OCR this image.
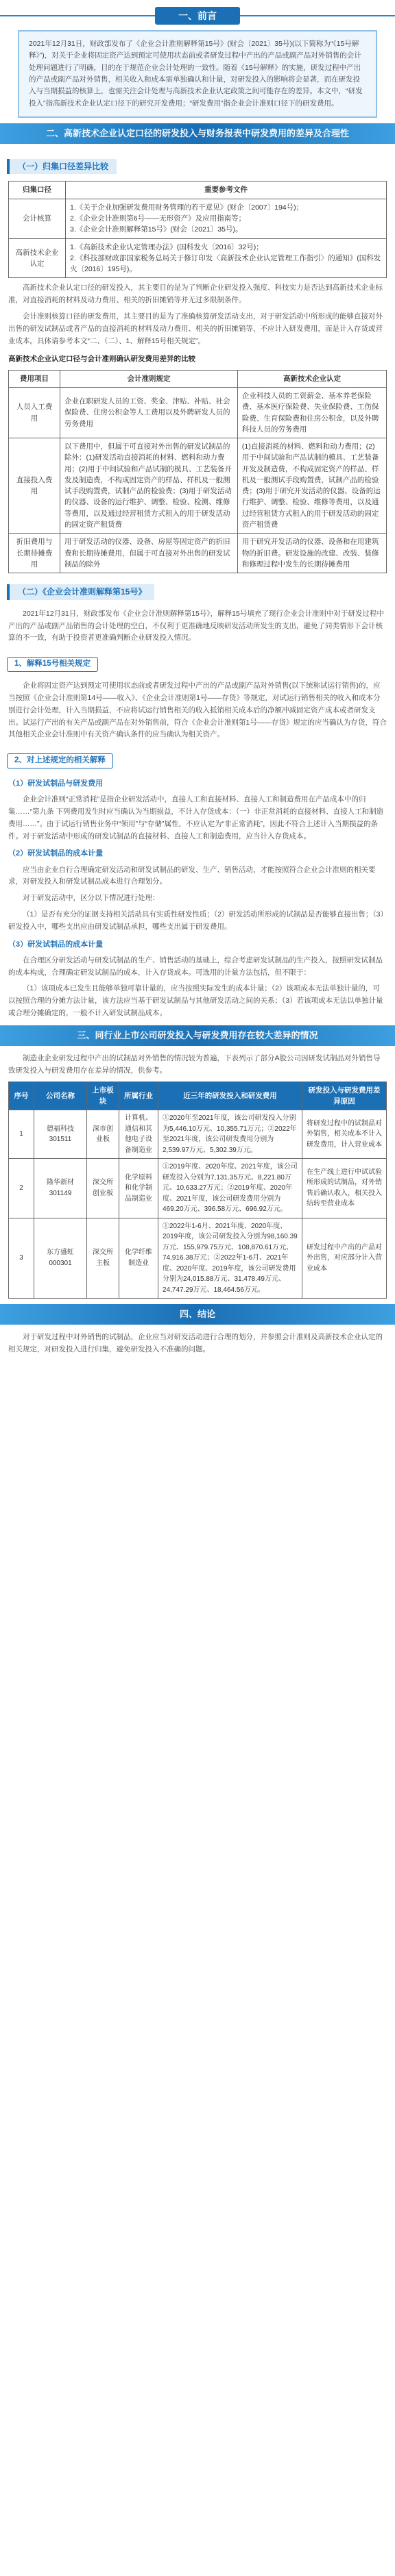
一、前言
2021年12月31日，财政部发布了《企业会计准则解释第15号》(财会〔2021〕35号)(以下简称为“《15号解释》”)，对关于企业将固定资产达到预定可使用状态前或者研发过程中产出的产品或副产品对外销售的会计处理问题进行了明确，目的在于规范企业会计处理的一致性。随着《15号解释》的实施，研发过程中产出的产品或副产品对外销售，相关收入和成本需单独确认和计量，对研发投入的影响将会显著，而在研发投入与当期损益的核算上，也需关注会计处理与高新技术企业认定政策之间可能存在的差异。本文中，“研发投入”指高新技术企业认定口径下的研究开发费用；“研发费用”指企业会计准则口径下的研发费用。
二、高新技术企业认定口径的研发投入与财务报表中研发费用的差异及合理性
（一）归集口径差异比较
归集口径	重要参考文件
会计核算	1.《关于企业加强研发费用财务管理的若干意见》(财企〔2007〕194号)；
2.《企业会计准则第6号——无形资产》及应用指南等；
3.《企业会计准则解释第15号》(财会〔2021〕35号)。

高新技术企业认定	1.《高新技术企业认定管理办法》(国科发火〔2016〕32号)；
2.《科技部财政部国家税务总局关于修订印发〈高新技术企业认定管理工作指引〉的通知》(国科发火〔2016〕195号)。
高新技术企业认定口径的研发投入，其主要目的是为了判断企业研发投入强度、科技实力是否达到高新技术企业标准，对直接消耗的材料及动力费用、相关的折旧摊销等并无过多限制条件。
会计准则核算口径的研发费用，其主要目的是为了准确核算研发活动支出，对于研发活动中所形成的能够直接对外出售的研发试制品或者产品的直接消耗的材料及动力费用、相关的折旧摊销等，不应计入研发费用，而是计入存货或营业成本。具体请参考本文“二、（二）、1、解释15号相关规定”。
高新技术企业认定口径与会计准则确认研发费用差异的比较
费用项目	会计准则规定	高新技术企业认定
人员人工费用	企业在职研发人员的工资、奖金、津贴、补贴、社会保险费、住房公积金等人工费用以及外聘研发人员的劳务费用	企业科技人员的工资薪金、基本养老保险费、基本医疗保险费、失业保险费、工伤保险费、生育保险费和住房公积金，以及外聘科技人员的劳务费用
直接投入费用	以下费用中，但属于可直接对外出售的研发试制品的除外：(1)研发活动直接消耗的材料、燃料和动力费用；(2)用于中间试验和产品试制的模具、工艺装备开发及制造费，不构成固定资产的样品、样机及一般测试手段购置费，试制产品的检验费；(3)用于研发活动的仪器、设备的运行维护、调整、检验、检测、维修等费用，以及通过经营租赁方式租入的用于研发活动的固定资产租赁费	(1)直接消耗的材料、燃料和动力费用；(2)用于中间试验和产品试制的模具、工艺装备开发及制造费，不构成固定资产的样品、样机及一般测试手段购置费，试制产品的检验费；(3)用于研究开发活动的仪器、设备的运行维护、调整、检验、维修等费用，以及通过经营租赁方式租入的用于研发活动的固定资产租赁费
折旧费用与长期待摊费用	用于研发活动的仪器、设备、房屋等固定资产的折旧费和长期待摊费用，但属于可直接对外出售的研发试制品的除外	用于研究开发活动的仪器、设备和在用建筑物的折旧费。研发设施的改建、改装、装修和修理过程中发生的长期待摊费用
（二）《企业会计准则解释第15号》
2021年12月31日，财政部发布《企业会计准则解释第15号》，解释15号填充了现行企业会计准则中对于研发过程中产出的产品或副产品销售的会计处理的空白，不仅利于更准确地反映研发活动所发生的支出，避免了同类情形下会计核算的不一致，有助于投资者更准确判断企业研发投入情况。
1、解释15号相关规定
企业将固定资产达到预定可使用状态前或者研发过程中产出的产品或副产品对外销售(以下统称试运行销售)的，应当按照《企业会计准则第14号——收入》、《企业会计准则第1号——存货》等规定，对试运行销售相关的收入和成本分别进行会计处理，计入当期损益，不应将试运行销售相关的收入抵销相关成本后的净额冲减固定资产成本或者研发支出。试运行产出的有关产品或副产品在对外销售前，符合《企业会计准则第1号——存货》规定的应当确认为存货，符合其他相关企业会计准则中有关资产确认条件的应当确认为相关资产。
2、对上述规定的相关解释
（1）研发试制品与研发费用
企业会计准则“正常消耗”是指企业研发活动中，直接人工和直接材料、直接人工和制造费用在产品成本中的归集……“第九条 下列费用发生时应当确认为当期损益，不计入存货成本：（一）非正常消耗的直接材料、直接人工和制造费用……”。由于试运行销售业务中“领用”与“存储”属性，不应认定为“非正常消耗”，因此不符合上述计入当期损益的条件。对于研发活动中形成的研发试制品的直接材料、直接人工和制造费用，应当计入存货成本。
（2）研发试制品的成本计量
应当由企业自行合理确定研发活动和研发试制品的研发、生产、销售活动，才能按照符合企业会计准则的相关要求，对研发投入和研发试制品成本进行合理划分。
对于研发活动中，区分以下情况进行处理：
（1）是否有充分的证据支持相关活动具有实质性研发性质；（2）研发活动所形成的试制品是否能够直接出售；（3）研发投入中，哪些支出应由研发试制品承担，哪些支出属于研发费用。
（3）研发试制品的成本计量
在合理区分研发活动与研发试制品的生产、销售活动的基础上，综合考虑研发试制品的生产投入，按照研发试制品的成本构成，合理确定研发试制品的成本，计入存货成本。可选用的计量方法包括，但不限于：
（1）该项成本已发生且能够单独可靠计量的，应当按照实际发生的成本计量；（2）该项成本无法单独计量的，可以按照合理的分摊方法计量，该方法应当基于研发试制品与其他研发活动之间的关系；（3）若该项成本无法以单独计量或合理分摊确定的，一般不计入研发试制品成本。
三、同行业上市公司研发投入与研发费用存在较大差异的情况
制造业企业研发过程中产出的试制品对外销售的情况较为普遍，下表列示了部分A股公司因研发试制品对外销售导致研发投入与研发费用存在差异的情况，供参考。
序号	公司名称	上市板块	所属行业	近三年的研发投入和研发费用	研发投入与研发费用差异原因
1	德福科技
301511	深市创业板	计算机、通信和其他电子设备制造业	①2020年至2021年度，该公司研发投入分别为5,446.10万元、10,355.71万元；②2022年至2021年度，该公司研发费用分别为2,539.97万元、5,302.39万元。	将研发过程中的试制品对外销售，相关成本不计入研发费用，计入营业成本
2	隆华新材
301149	深交所创业板	化学原料和化学制品制造业	①2019年度、2020年度、2021年度，该公司研发投入分别为7,131.35万元、8,221.80万元、10,633.27万元；②2019年度、2020年度、2021年度，该公司研发费用分别为469.20万元、396.58万元、696.92万元。	在生产线上进行中试试验所形成的试制品，对外销售后确认收入，相关投入结转至营业成本
3	东方盛虹
000301	深交所主板	化学纤维制造业	①2022年1-6月、2021年度、2020年度、2019年度，该公司研发投入分别为98,160.39万元、155,979.75万元、108,870.61万元、74,916.38万元；②2022年1-6月、2021年度、2020年度、2019年度，该公司研发费用分别为24,015.88万元、31,478.49万元、24,747.29万元、18,464.56万元。	研发过程中产出的产品对外出售，对应部分计入营业成本
四、结论
对于研发过程中对外销售的试制品，企业应当对研发活动进行合理的划分，并参照会计准则及高新技术企业认定的相关规定，对研发投入进行归集，避免研发投入不准确的问题。
